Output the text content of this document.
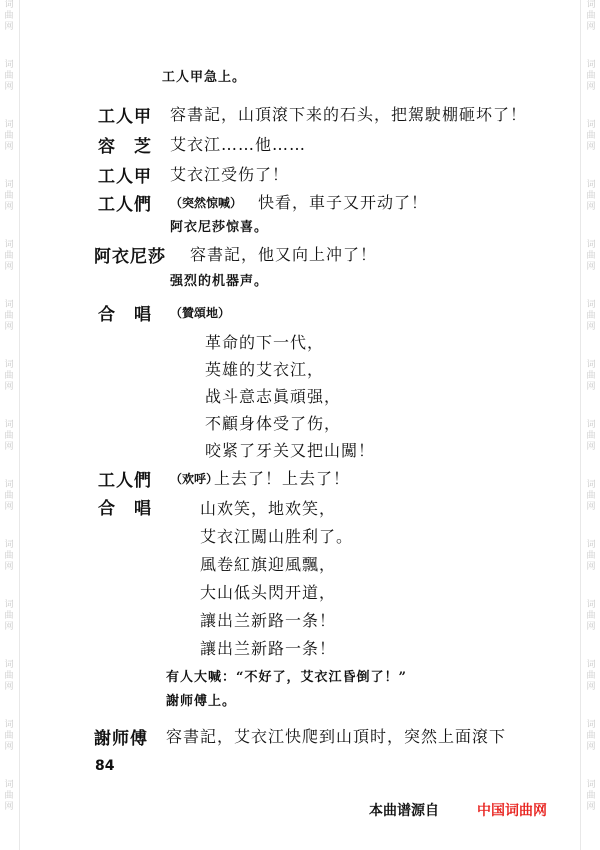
词
曲
网
词
曲
网
词
曲
网
词
曲
网
词
曲
网
词
曲
网
词
曲
网
词
曲
网
词
曲
网
词
曲
网
词
曲
网
词
曲
网
词
曲
网
词
曲
网
词
曲
网
词
曲
网
词
曲
网
词
曲
网
词
曲
网
词
曲
网
词
曲
网
词
曲
网
词
曲
网
词
曲
网
词
曲
网
词
曲
网
词
曲
网
词
曲
网
工人甲急上。
工人甲 容書記，山頂滾下来的石头，把駕駛棚砸坏了！
容　芝 艾衣江……他……
工人甲 艾衣江受伤了！
工人們 （突然惊喊） 快看，車子又开动了！
阿衣尼莎惊喜。
阿衣尼莎 容書記，他又向上冲了！
强烈的机器声。
合　唱 （贊頌地）
革命的下一代，
英雄的艾衣江，
战斗意志眞頑强，
不顧身体受了伤，
咬紧了牙关又把山闖！
工人們 （欢呼）
上去了！上去了！
合　唱	山欢笑，地欢笑，
艾衣江闖山胜利了。
風卷紅旗迎風飄，
大山低头閃开道，
讓出兰新路一条！
讓出兰新路一条！
有人大喊：“不好了，艾衣江昏倒了！”
謝师傅上。
謝师傅 容書記，艾衣江快爬到山頂时，突然上面滾下
84
本曲谱源自	中国词曲网
